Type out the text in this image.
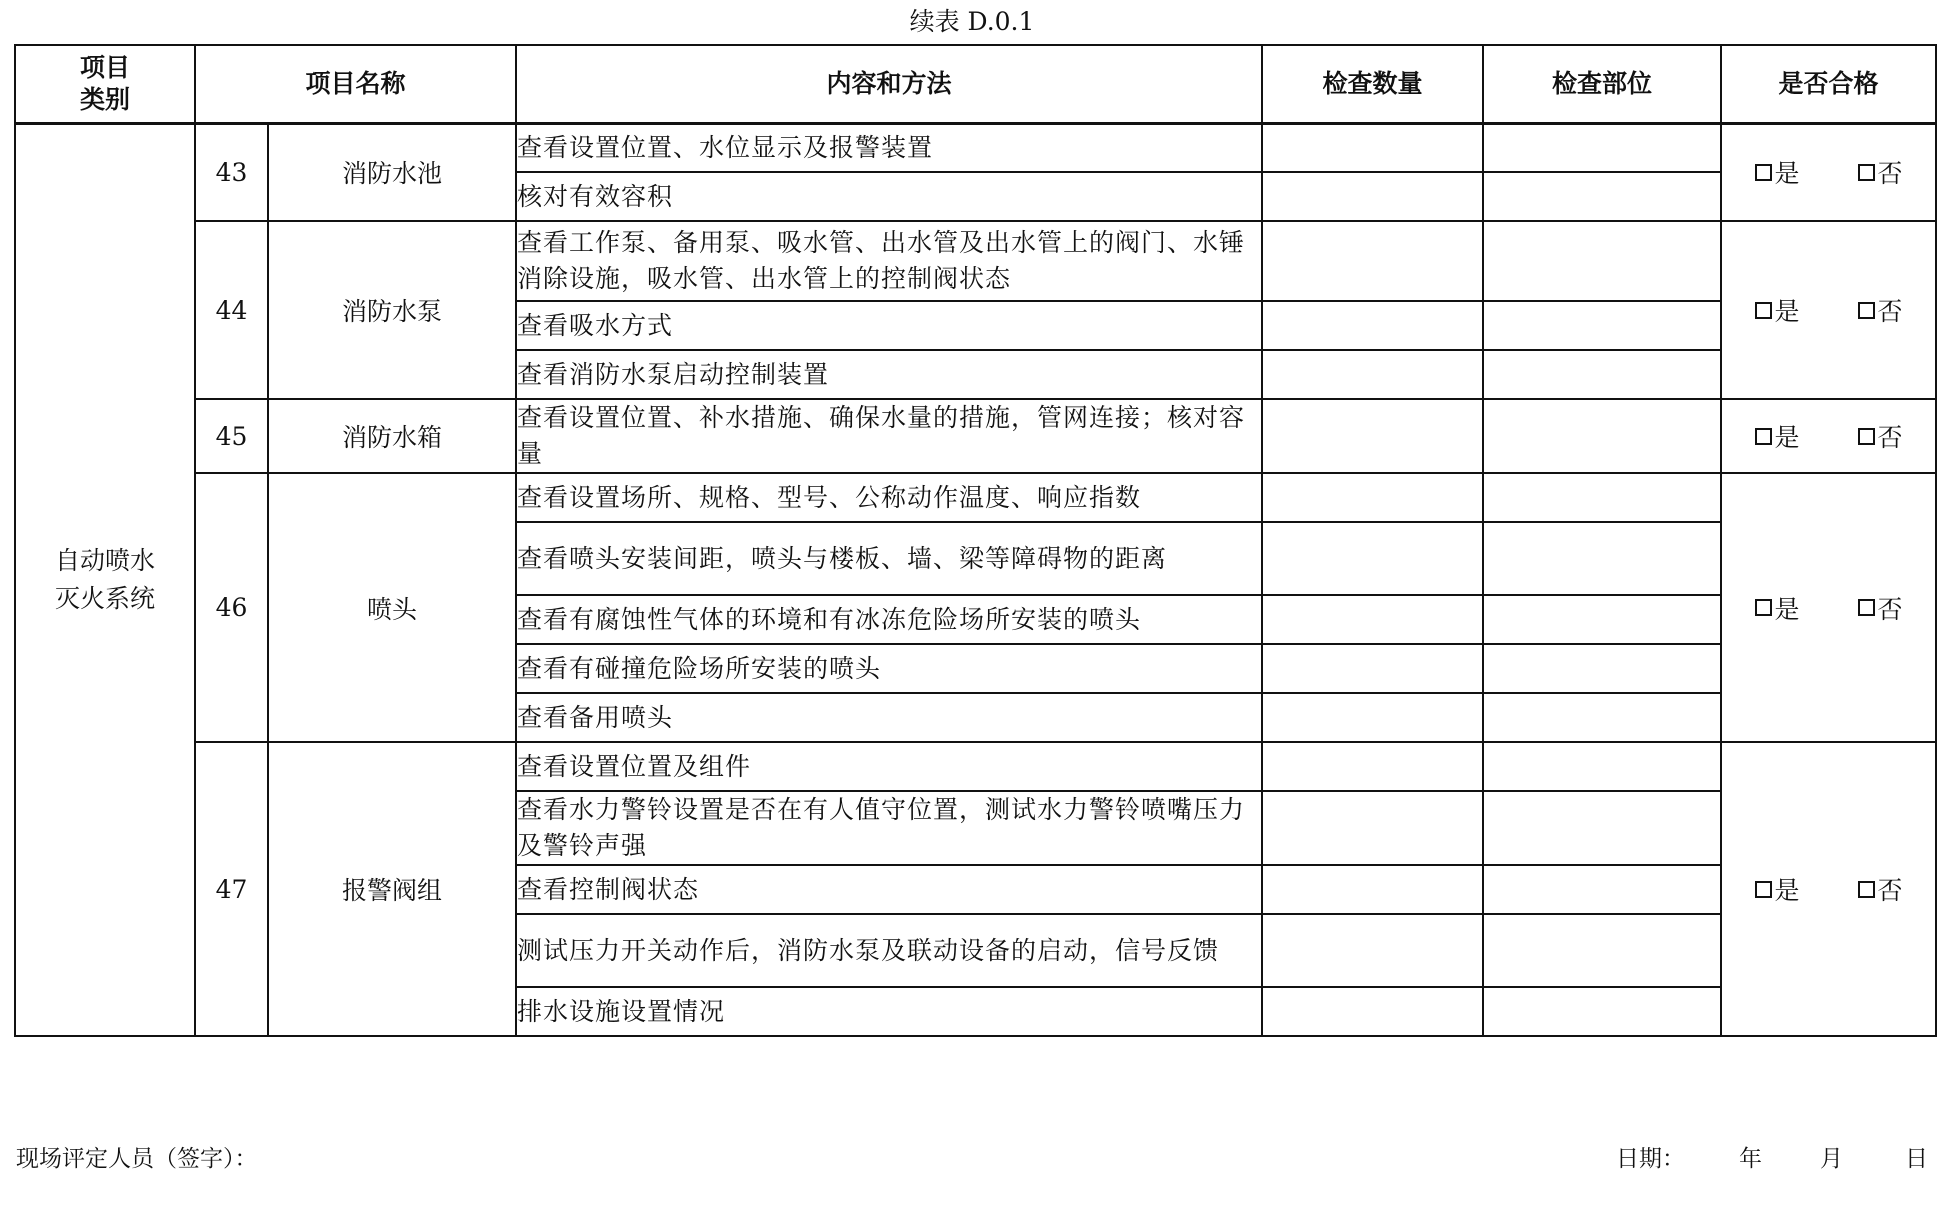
续表 D.0.1
项目
类别	项目名称		内容和方法	检查数量	检查部位	是否合格

自动喷水
灭火系统	43	消防水池	查看设置位置、水位显示及报警装置			是 否

			核对有效容积			
	44	消防水泵	查看工作泵、备用泵、吸水管、出水管及出水管上的阀门、水锤消除设施，吸水管、出水管上的控制阀状态			是 否

			查看吸水方式			
			查看消防水泵启动控制装置			
	45	消防水箱	查看设置位置、补水措施、确保水量的措施，管网连接；核对容量			是 否

	46	喷头	查看设置场所、规格、型号、公称动作温度、响应指数			是 否

			查看喷头安装间距，喷头与楼板、墙、梁等障碍物的距离			
			查看有腐蚀性气体的环境和有冰冻危险场所安装的喷头			
			查看有碰撞危险场所安装的喷头			
			查看备用喷头			
	47	报警阀组	查看设置位置及组件			是 否

			查看水力警铃设置是否在有人值守位置，测试水力警铃喷嘴压力及警铃声强			
			查看控制阀状态			
			测试压力开关动作后，消防水泵及联动设备的启动，信号反馈			
			排水设施设置情况			
现场评定人员（签字）：	日期： 年	月	日
